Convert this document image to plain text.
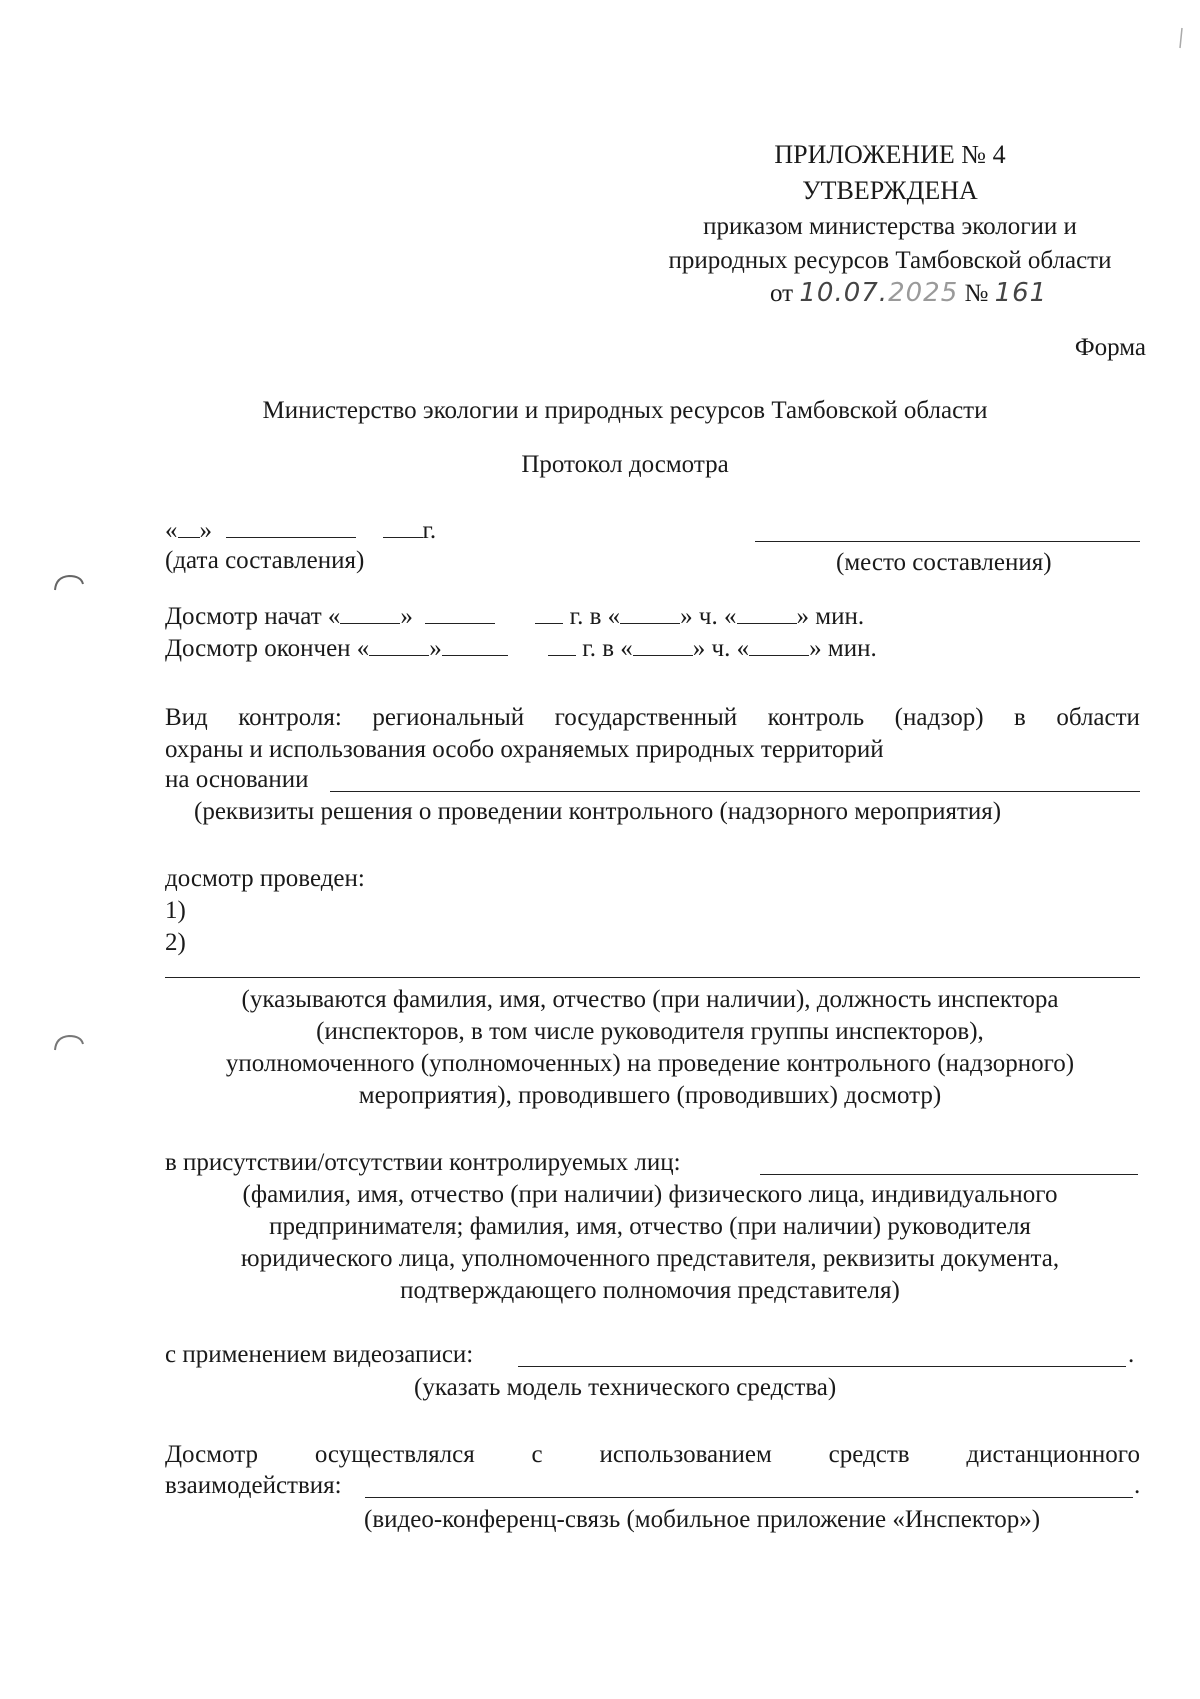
ПРИЛОЖЕНИЕ № 4
УТВЕРЖДЕНА
приказом министерства экологии и
природных ресурсов Тамбовской области
от 10.07.2025 № 161
Форма
Министерство экологии и природных ресурсов Тамбовской области
Протокол досмотра
« »	г.
(дата составления)	(место составления)
Досмотр начат « »	г. в « » ч. « » мин.
Досмотр окончен « »	г. в « » ч. « » мин.
Вид контроля: региональный государственный контроль (надзор) в области
охраны и использования особо охраняемых природных территорий
на основании
(реквизиты решения о проведении контрольного (надзорного мероприятия)
досмотр проведен:
1)
2)
(указываются фамилия, имя, отчество (при наличии), должность инспектора
(инспекторов, в том числе руководителя группы инспекторов),
уполномоченного (уполномоченных) на проведение контрольного (надзорного)
мероприятия), проводившего (проводивших) досмотр)
в присутствии/отсутствии контролируемых лиц:
(фамилия, имя, отчество (при наличии) физического лица, индивидуального
предпринимателя; фамилия, имя, отчество (при наличии) руководителя
юридического лица, уполномоченного представителя, реквизиты документа,
подтверждающего полномочия представителя)
с применением видеозаписи:	.
(указать модель технического средства)
Досмотр осуществлялся с использованием средств дистанционного
взаимодействия:	.
(видео-конференц-связь (мобильное приложение «Инспектор»)
